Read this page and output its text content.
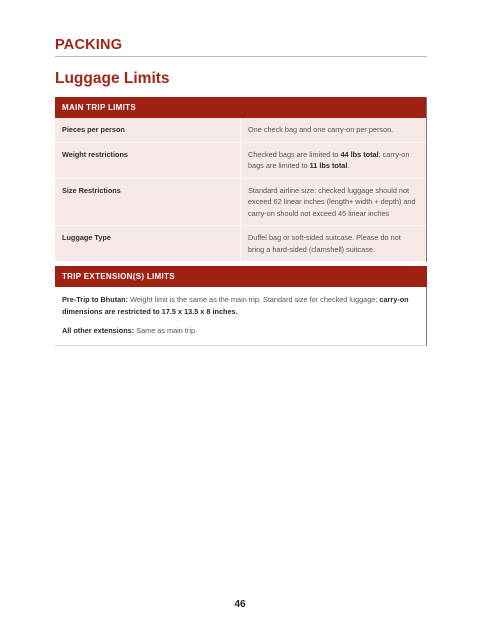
PACKING
Luggage Limits
MAIN TRIP LIMITS
Pieces per person	One check bag and one carry-on per person.
Weight restrictions	Checked bags are limited to 44 lbs total; carry-on bags are limited to 11 lbs total.
Size Restrictions	Standard airline size: checked luggage should not exceed 62 linear inches (length+ width + depth) and carry-on should not exceed 45 linear inches
Luggage Type	Duffel bag or soft-sided suitcase. Please do not bring a hard-sided (clamshell) suitcase.
TRIP EXTENSION(S) LIMITS
Pre-Trip to Bhutan: Weight limit is the same as the main trip. Standard size for checked luggage; carry-on dimensions are restricted to 17.5 x 13.5 x 8 inches.
All other extensions: Same as main trip.
46
